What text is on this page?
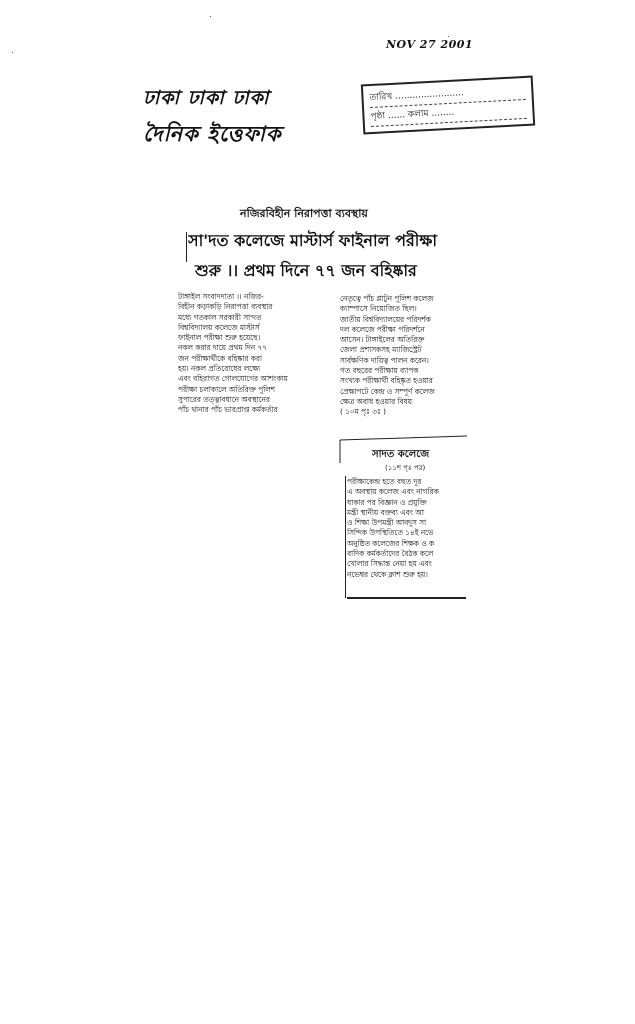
NOV 27 2001
ঢাকা ঢাকা ঢাকা
দৈনিক ইত্তেফাক
তারিখ ........................
পৃষ্ঠা ...... কলাম ........
নজিরবিহীন নিরাপত্তা ব্যবস্থায়
সা'দত কলেজে মাস্টার্স ফাইনাল পরীক্ষা
শুরু ।। প্রথম দিনে ৭৭ জন বহিষ্কার
টাঙ্গাইল সংবাদদাতা ।। নজির-
বিহীন কড়াকড়ি নিরাপত্তা ব্যবস্থার
মধ্যে গতকাল সরকারী সা'দত
বিশ্ববিদ্যালয় কলেজে মাস্টার্স
ফাইনাল পরীক্ষা শুরু হয়েছে।
নকল করার দায়ে প্রথম দিন ৭৭
জন পরীক্ষার্থীকে বহিষ্কার করা
হয়। নকল প্রতিরোধের লক্ষ্যে
এবং বহিরাগত গোলযোগের আশংকায়
পরীক্ষা চলাকালে অতিরিক্ত পুলিশ
সুপারের তত্ত্বাবধানে অবস্থানের
পাঁচ থানার পাঁচ ভারপ্রাপ্ত কর্মকর্তার
নেতৃত্বে পাঁচ প্লাটুন পুলিশ কলেজ
ক্যাম্পাসে নিয়োজিত ছিল।
জাতীয় বিশ্ববিদ্যালয়ের পরিদর্শক
দল কলেজে পরীক্ষা পরিদর্শনে
আসেন। টাঙ্গাইলের অতিরিক্ত
জেলা প্রশাসকসহ ম্যাজিস্ট্রেট
সার্বক্ষণিক দায়িত্ব পালন করেন।
গত বছরের পরীক্ষায় ব্যাপক
সংখ্যক পরীক্ষার্থী বহিষ্কৃত হওয়ার
প্রেক্ষাপটে কেন্দ্র ও সম্পূর্ণ কলেজ
ক্ষেত্র অবাধ হওয়ার বিষয়
( ১০ম পৃঃ ৩ঃ )
সাদত কলেজে
(১১শ পৃঃ পর)
পরীক্ষাকেন্দ্র হতে বহুত দূর
এ অবস্থায় কলেজ এবং নাগরিক
ধাকার পর বিজ্ঞান ও প্রযুক্তি
মন্ত্রী স্থানীয় বক্তব্য এবং আ
ও শিক্ষা উপমন্ত্রী আবদুস সা
সিন্দিক উপস্থিতিতে ১৪ই নভে
অনুষ্ঠিত কলেজের শিক্ষক ও ক
বাদিক কর্মকর্তাদের বৈঠক কলে
খোলার সিদ্ধান্ত নেয়া হয় এবং
নভেম্বর থেকে ক্লাশ শুরু হয়।
